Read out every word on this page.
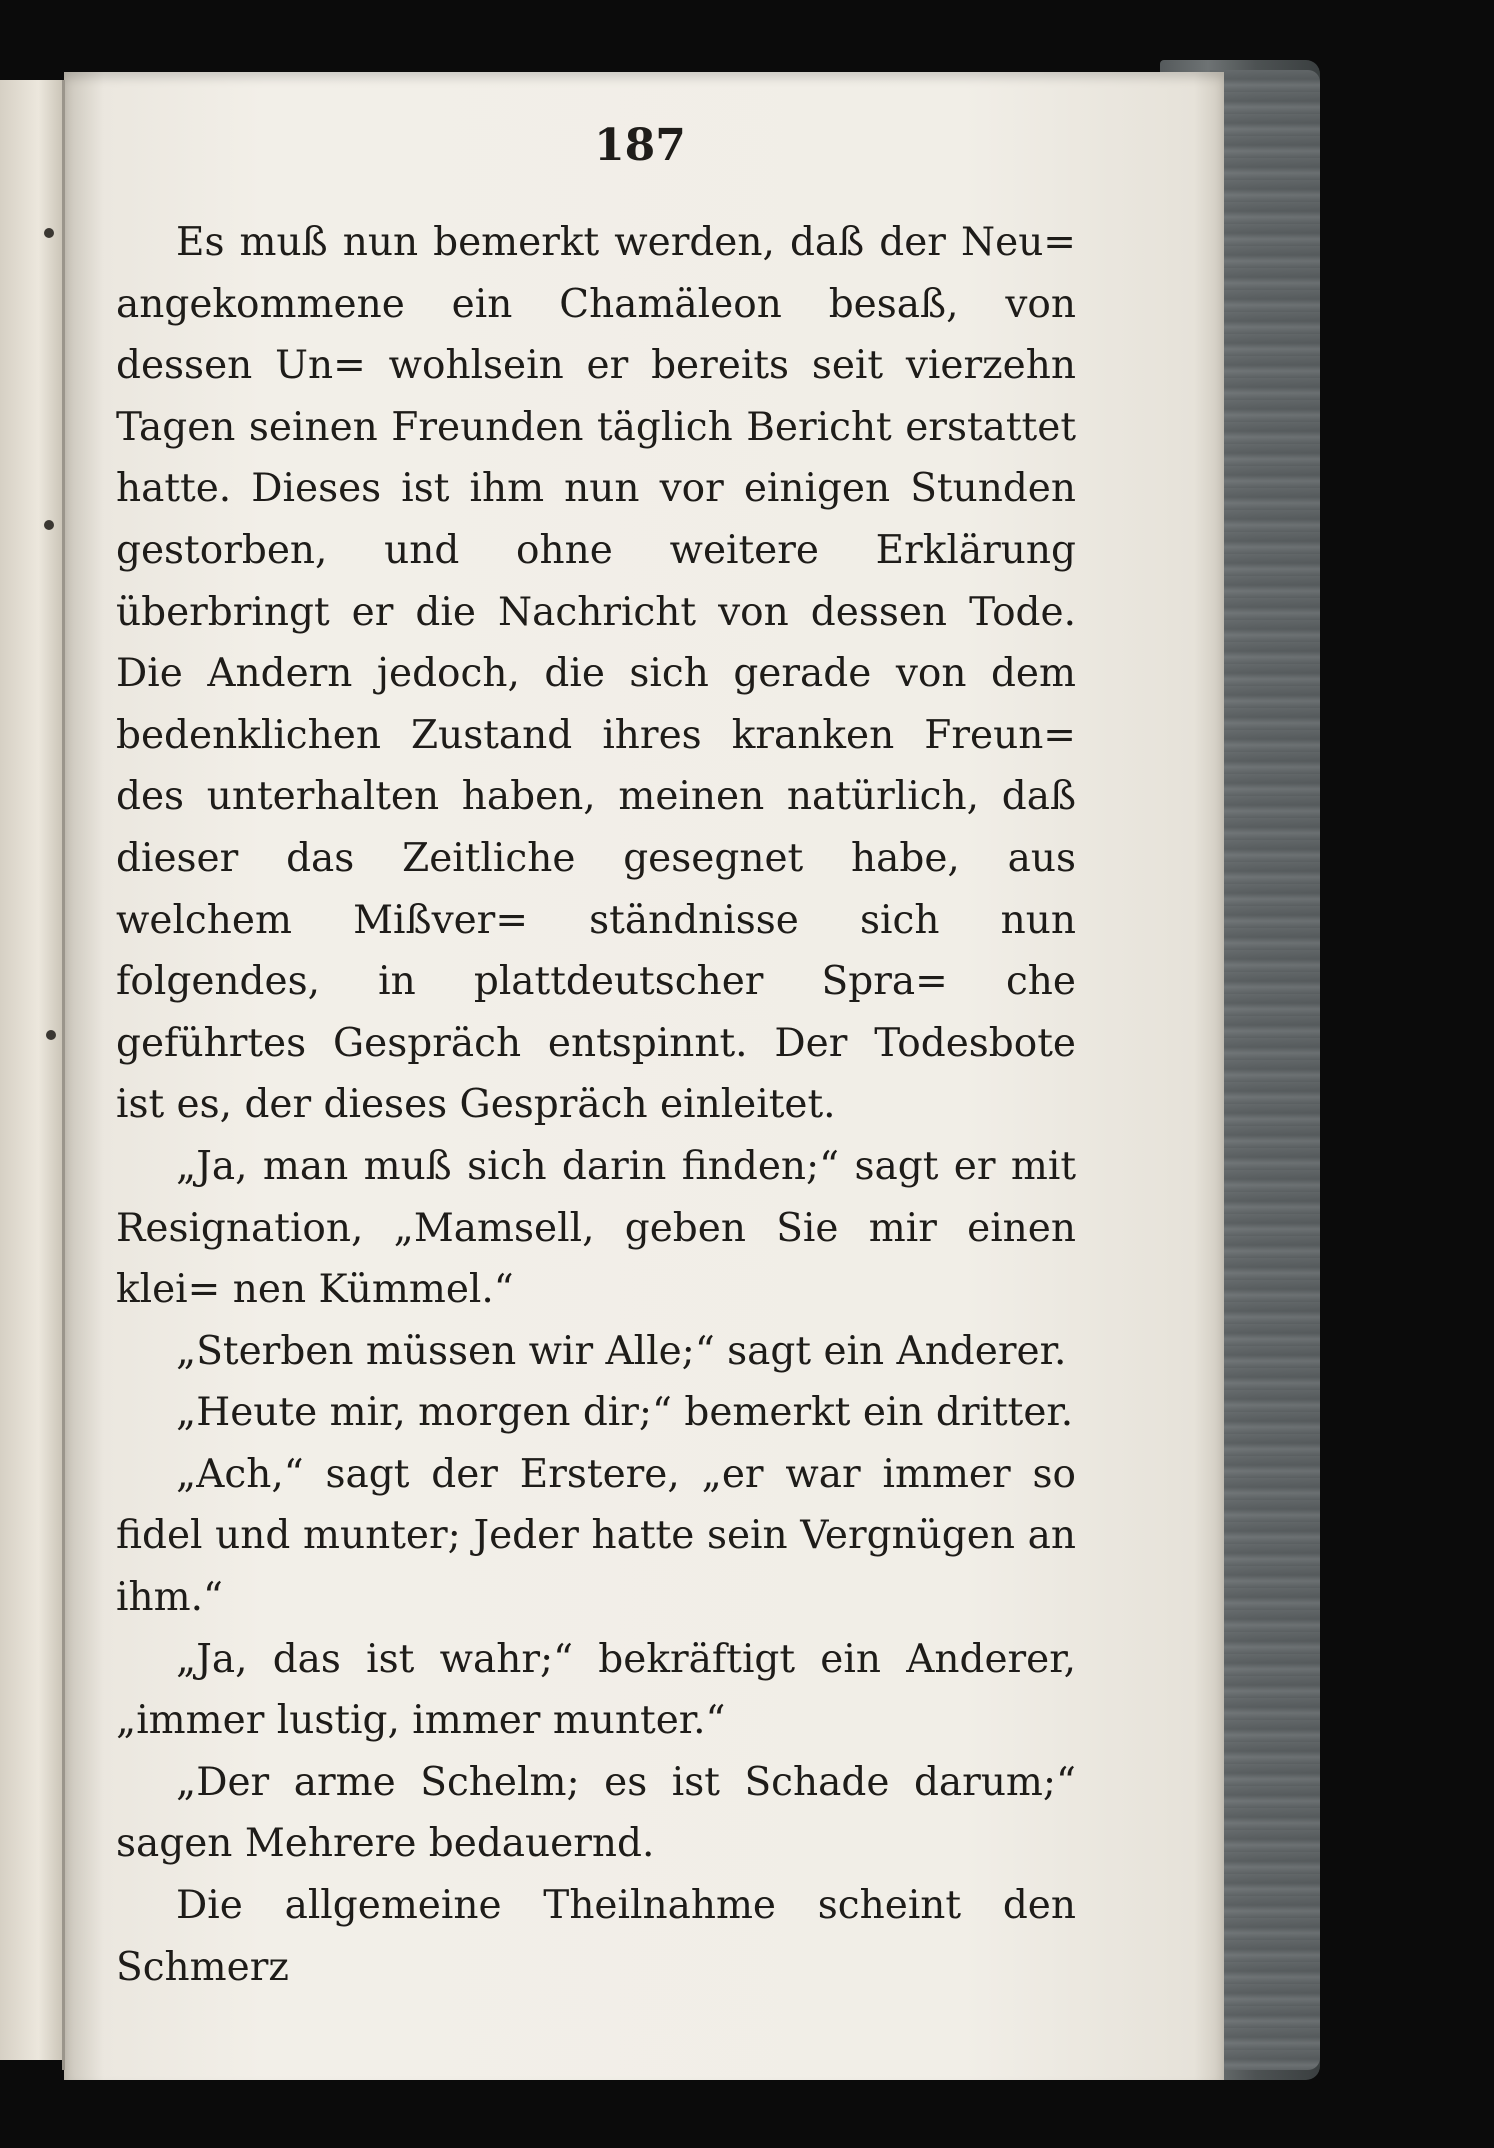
187

Es muß nun bemerkt werden, daß der Neu= angekommene ein Chamäleon besaß, von dessen Un= wohlsein er bereits seit vierzehn Tagen seinen Freunden täglich Bericht erstattet hatte. Dieses ist ihm nun vor einigen Stunden gestorben, und ohne weitere Erklärung überbringt er die Nachricht von dessen Tode. Die Andern jedoch, die sich gerade von dem bedenklichen Zustand ihres kranken Freun= des unterhalten haben, meinen natürlich, daß dieser das Zeitliche gesegnet habe, aus welchem Mißver= ständnisse sich nun folgendes, in plattdeutscher Spra= che geführtes Gespräch entspinnt. Der Todesbote ist es, der dieses Gespräch einleitet.

„Ja, man muß sich darin finden;“ sagt er mit Resignation, „Mamsell, geben Sie mir einen klei= nen Kümmel.“

„Sterben müssen wir Alle;“ sagt ein Anderer.

„Heute mir, morgen dir;“ bemerkt ein dritter.

„Ach,“ sagt der Erstere, „er war immer so fidel und munter; Jeder hatte sein Vergnügen an ihm.“

„Ja, das ist wahr;“ bekräftigt ein Anderer, „immer lustig, immer munter.“

„Der arme Schelm; es ist Schade darum;“ sagen Mehrere bedauernd.

Die allgemeine Theilnahme scheint den Schmerz
